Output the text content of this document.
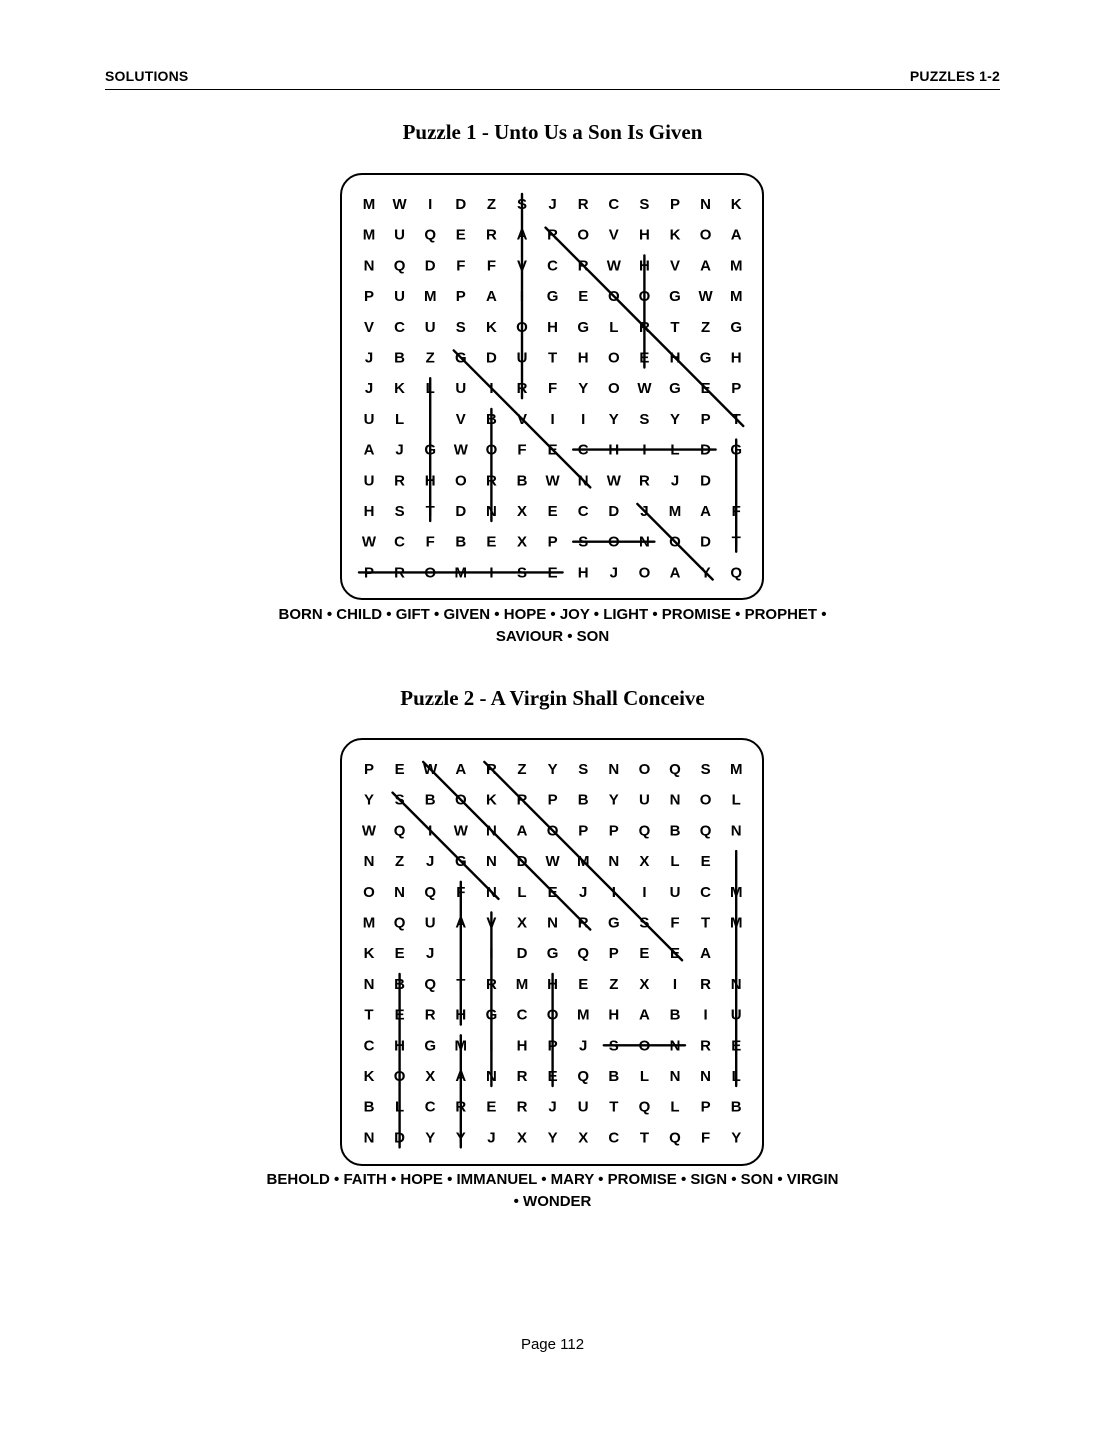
SOLUTIONS	PUZZLES 1-2
Puzzle 1 - Unto Us a Son Is Given
M W I D Z S J R C S P N K
M U Q E R A R O V H K O A
N Q D F F V C R W H V A M
P U M P A I G E O O G W M
V C U S K O H G L R T Z G
J B Z G D U T H O E H G H
J K L U I R F Y O W G E P
U L	V B V I I Y S Y P T
A J G W O F E C H I L D G
U R H O R B W N W R J D
H S T D N X E C D J M A F
W C F B E X P S O N O D T
P R O M I S E H J O A Y Q
BORN • CHILD • GIFT • GIVEN • HOPE • JOY • LIGHT • PROMISE • PROPHET •
SAVIOUR • SON
Puzzle 2 - A Virgin Shall Conceive
P E W A R Z Y S N O Q S M
Y S B O K R P B Y U N O L
W Q I W N A O P P Q B Q N
N Z J G N D W M N X L E
O N Q F N L E J I I U C M
M Q U A V X N R G S F T M
K E J	I D G Q P E E A
N B Q T R M H E Z X I R N
T E R H G C O M H A B I U
C H G M I H P J S O N R E
K O X A N R E Q B L N N L
B L C R E R J U T Q L P B
N D Y Y J X Y X C T Q F Y
BEHOLD • FAITH • HOPE • IMMANUEL • MARY • PROMISE • SIGN • SON • VIRGIN
• WONDER
Page 112
